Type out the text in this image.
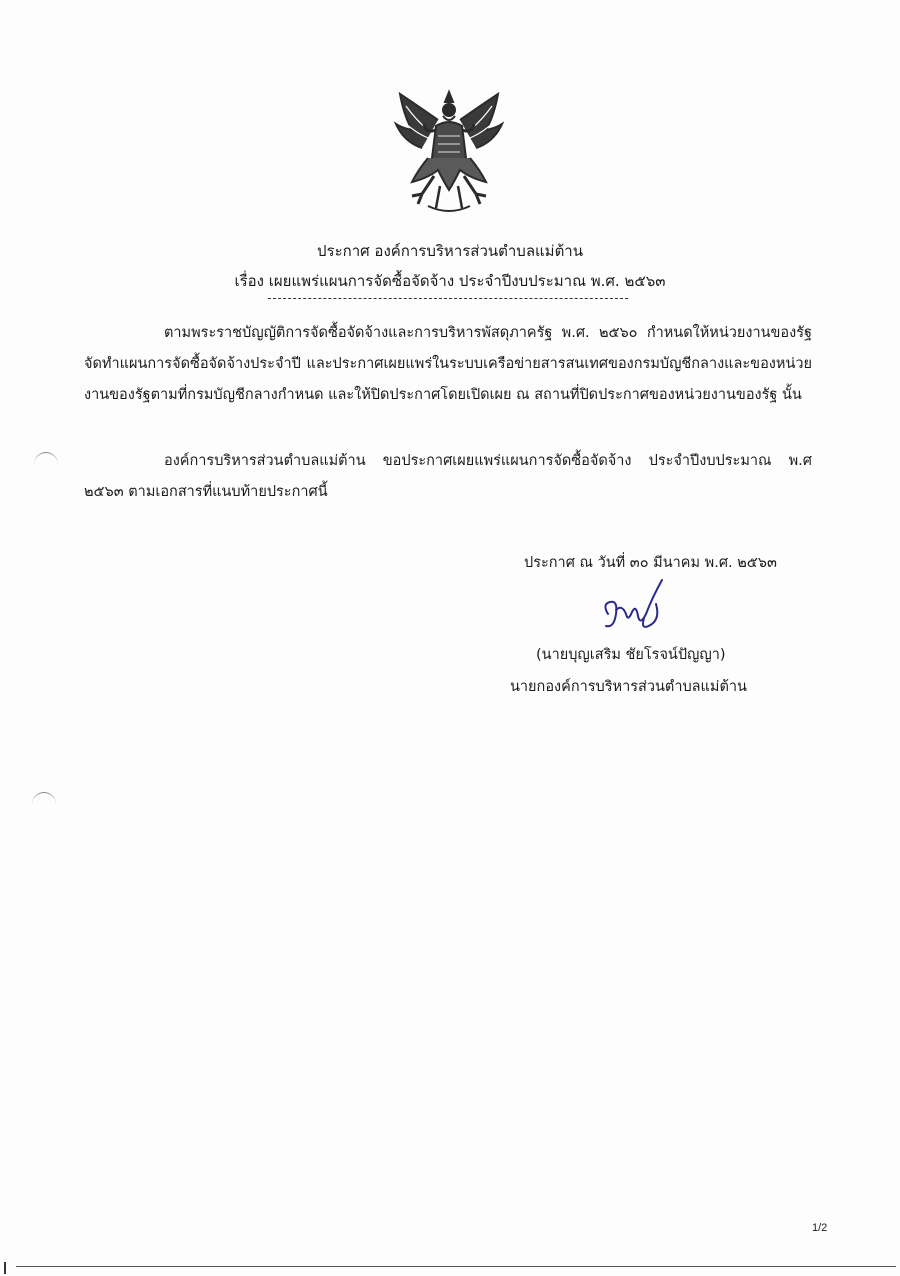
ประกาศ องค์การบริหารส่วนตำบลแม่ต้าน
เรื่อง เผยแพร่แผนการจัดซื้อจัดจ้าง ประจำปีงบประมาณ พ.ศ. ๒๕๖๓
ตามพระราชบัญญัติการจัดซื้อจัดจ้างและการบริหารพัสดุภาครัฐ พ.ศ. ๒๕๖๐ กำหนดให้หน่วยงานของรัฐจัดทำแผนการจัดซื้อจัดจ้างประจำปี และประกาศเผยแพร่ในระบบเครือข่ายสารสนเทศของกรมบัญชีกลางและของหน่วยงานของรัฐตามที่กรมบัญชีกลางกำหนด และให้ปิดประกาศโดยเปิดเผย ณ สถานที่ปิดประกาศของหน่วยงานของรัฐ นั้น
องค์การบริหารส่วนตำบลแม่ต้าน ขอประกาศเผยแพร่แผนการจัดซื้อจัดจ้าง ประจำปีงบประมาณ พ.ศ ๒๕๖๓ ตามเอกสารที่แนบท้ายประกาศนี้
ประกาศ ณ วันที่ ๓๐ มีนาคม พ.ศ. ๒๕๖๓
(นายบุญเสริม ชัยโรจน์ปัญญา)
นายกองค์การบริหารส่วนตำบลแม่ต้าน
1/2
